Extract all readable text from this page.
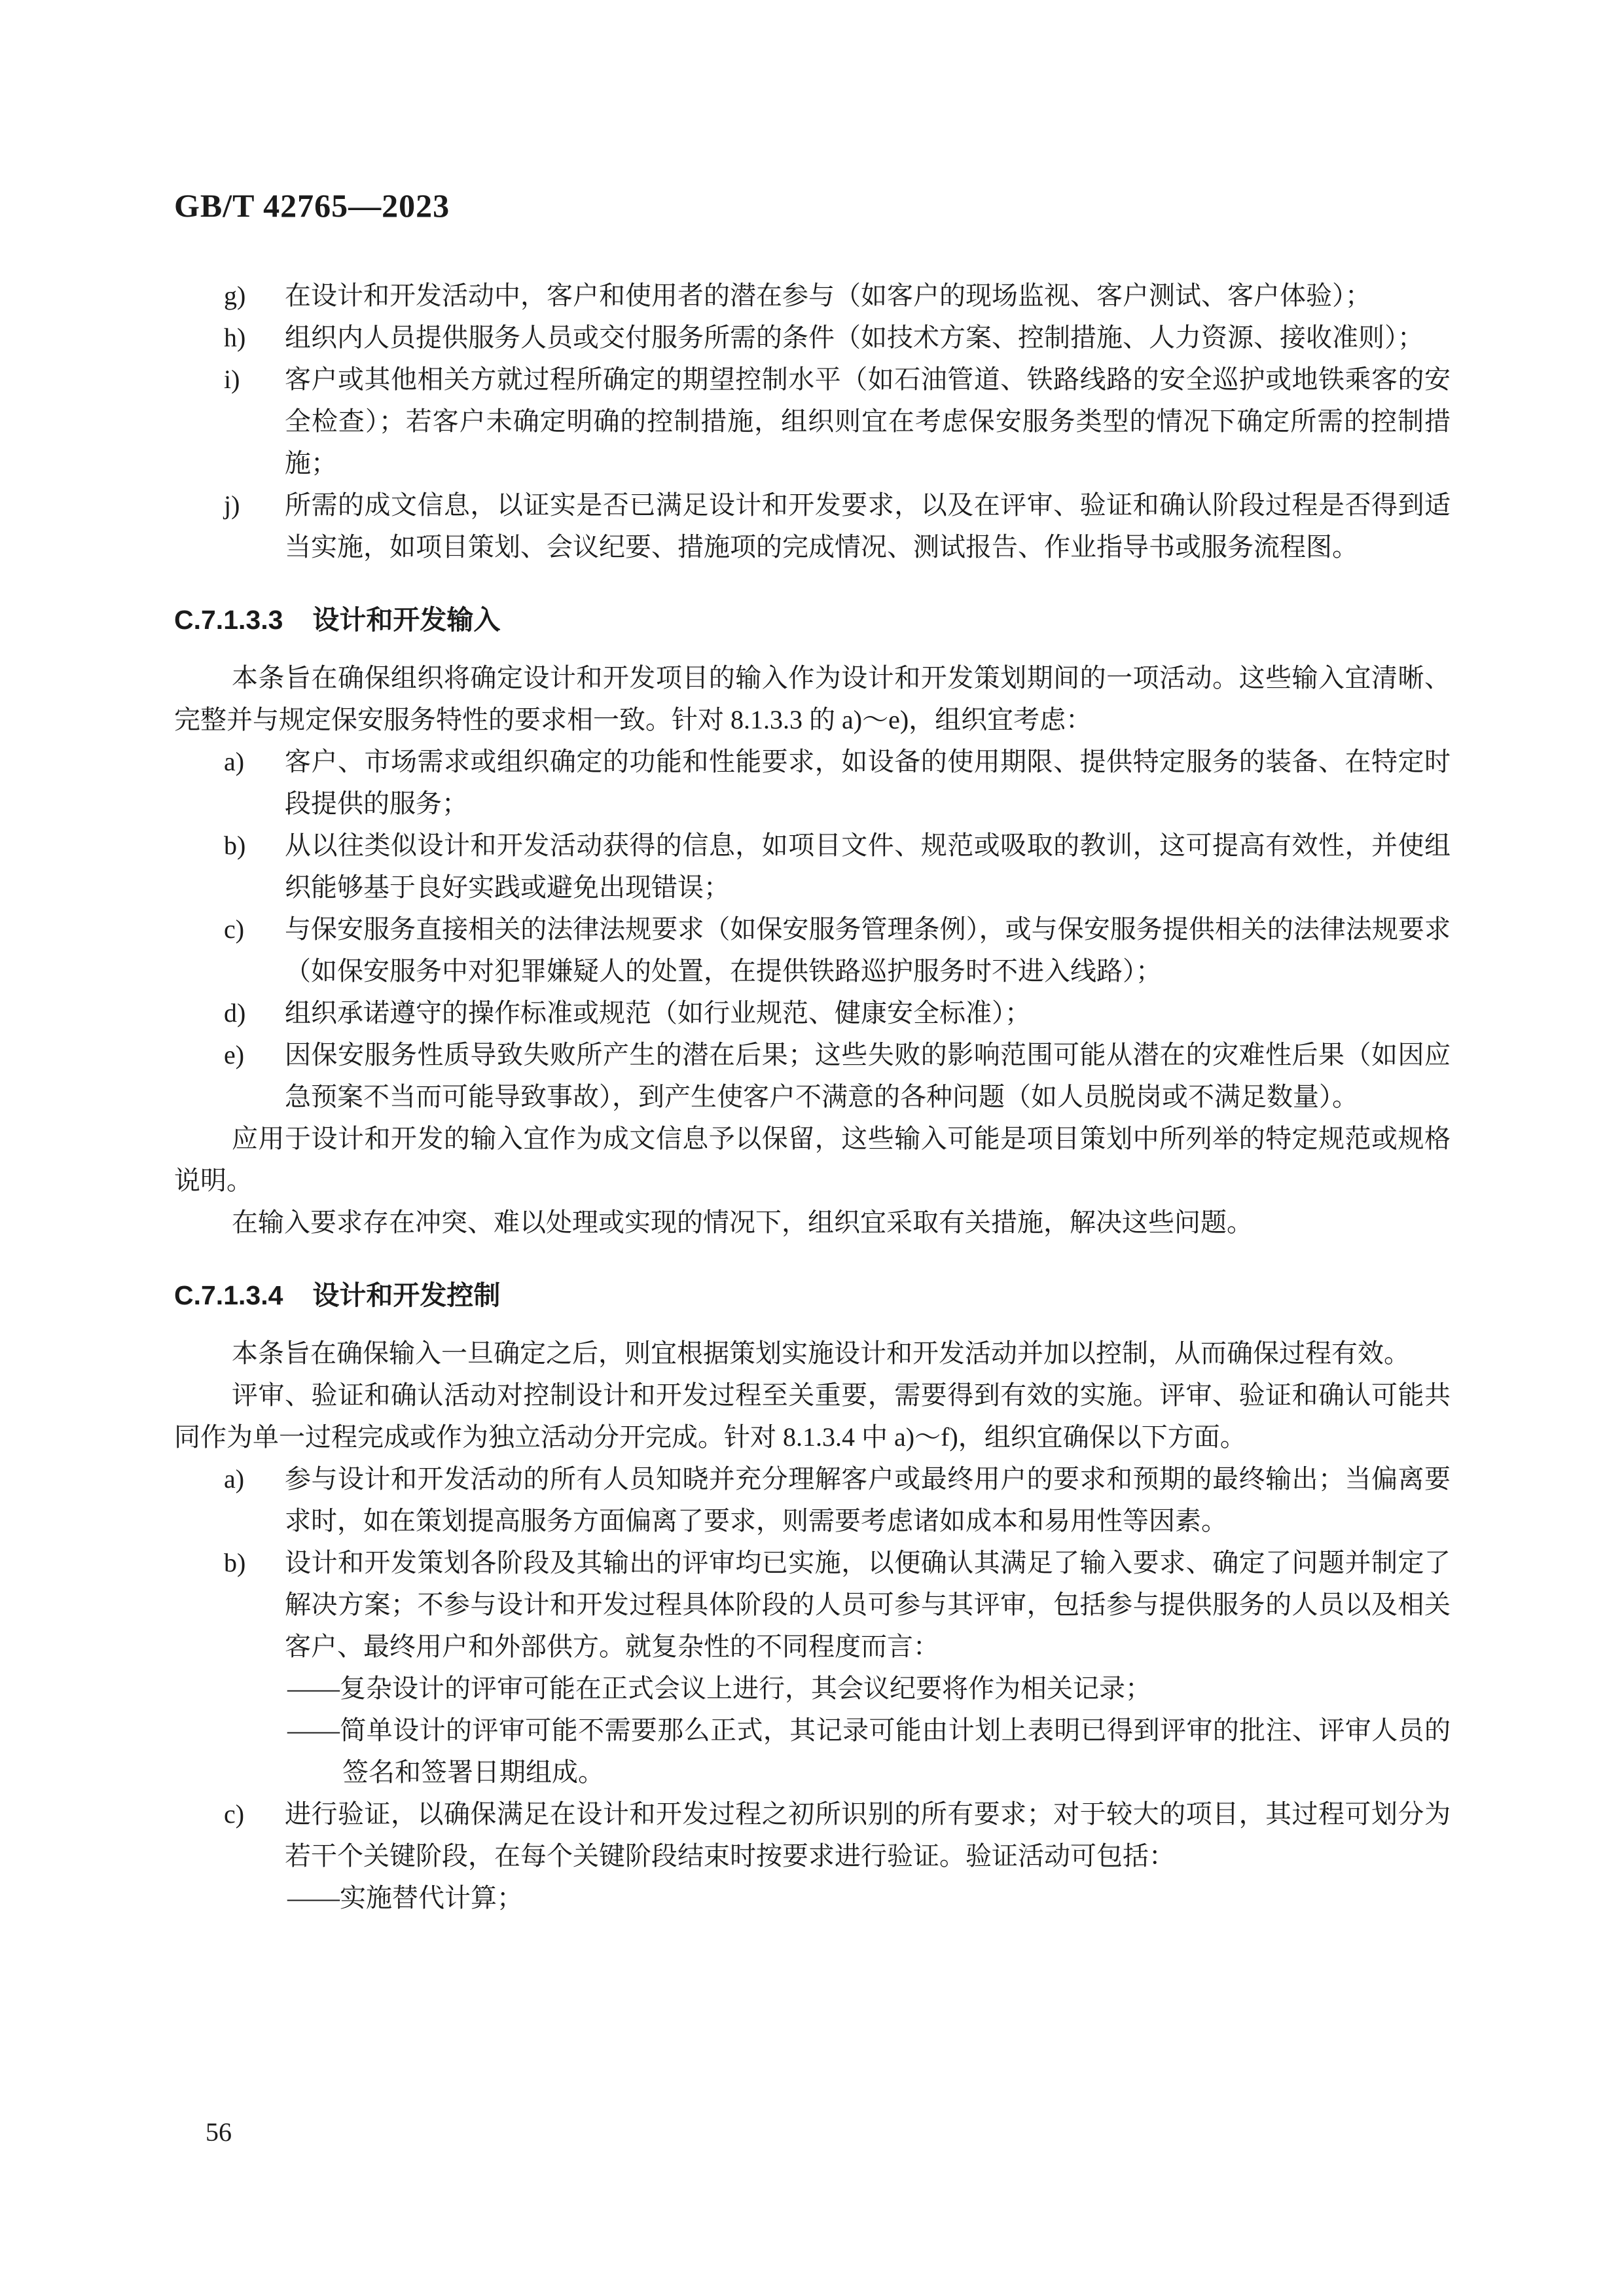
GB/T 42765—2023
g) 在设计和开发活动中，客户和使用者的潜在参与（如客户的现场监视、客户测试、客户体验）；
h) 组织内人员提供服务人员或交付服务所需的条件（如技术方案、控制措施、人力资源、接收准则）；
i) 客户或其他相关方就过程所确定的期望控制水平（如石油管道、铁路线路的安全巡护或地铁乘客的安全检查）；若客户未确定明确的控制措施，组织则宜在考虑保安服务类型的情况下确定所需的控制措施；
j) 所需的成文信息，以证实是否已满足设计和开发要求，以及在评审、验证和确认阶段过程是否得到适当实施，如项目策划、会议纪要、措施项的完成情况、测试报告、作业指导书或服务流程图。
C.7.1.3.3 设计和开发输入

本条旨在确保组织将确定设计和开发项目的输入作为设计和开发策划期间的一项活动。这些输入宜清晰、完整并与规定保安服务特性的要求相一致。针对 8.1.3.3 的 a)～e)，组织宜考虑：

a) 客户、市场需求或组织确定的功能和性能要求，如设备的使用期限、提供特定服务的装备、在特定时段提供的服务；
b) 从以往类似设计和开发活动获得的信息，如项目文件、规范或吸取的教训，这可提高有效性，并使组织能够基于良好实践或避免出现错误；
c) 与保安服务直接相关的法律法规要求（如保安服务管理条例），或与保安服务提供相关的法律法规要求（如保安服务中对犯罪嫌疑人的处置，在提供铁路巡护服务时不进入线路）；
d) 组织承诺遵守的操作标准或规范（如行业规范、健康安全标准）；
e) 因保安服务性质导致失败所产生的潜在后果；这些失败的影响范围可能从潜在的灾难性后果（如因应急预案不当而可能导致事故），到产生使客户不满意的各种问题（如人员脱岗或不满足数量）。

应用于设计和开发的输入宜作为成文信息予以保留，这些输入可能是项目策划中所列举的特定规范或规格说明。

在输入要求存在冲突、难以处理或实现的情况下，组织宜采取有关措施，解决这些问题。

C.7.1.3.4 设计和开发控制

本条旨在确保输入一旦确定之后，则宜根据策划实施设计和开发活动并加以控制，从而确保过程有效。

评审、验证和确认活动对控制设计和开发过程至关重要，需要得到有效的实施。评审、验证和确认可能共同作为单一过程完成或作为独立活动分开完成。针对 8.1.3.4 中 a)～f)，组织宜确保以下方面。

a) 参与设计和开发活动的所有人员知晓并充分理解客户或最终用户的要求和预期的最终输出；当偏离要求时，如在策划提高服务方面偏离了要求，则需要考虑诸如成本和易用性等因素。
b) 设计和开发策划各阶段及其输出的评审均已实施，以便确认其满足了输入要求、确定了问题并制定了解决方案；不参与设计和开发过程具体阶段的人员可参与其评审，包括参与提供服务的人员以及相关客户、最终用户和外部供方。就复杂性的不同程度而言：
——复杂设计的评审可能在正式会议上进行，其会议纪要将作为相关记录；
——简单设计的评审可能不需要那么正式，其记录可能由计划上表明已得到评审的批注、评审人员的签名和签署日期组成。
c) 进行验证，以确保满足在设计和开发过程之初所识别的所有要求；对于较大的项目，其过程可划分为若干个关键阶段，在每个关键阶段结束时按要求进行验证。验证活动可包括：
——实施替代计算；
56
